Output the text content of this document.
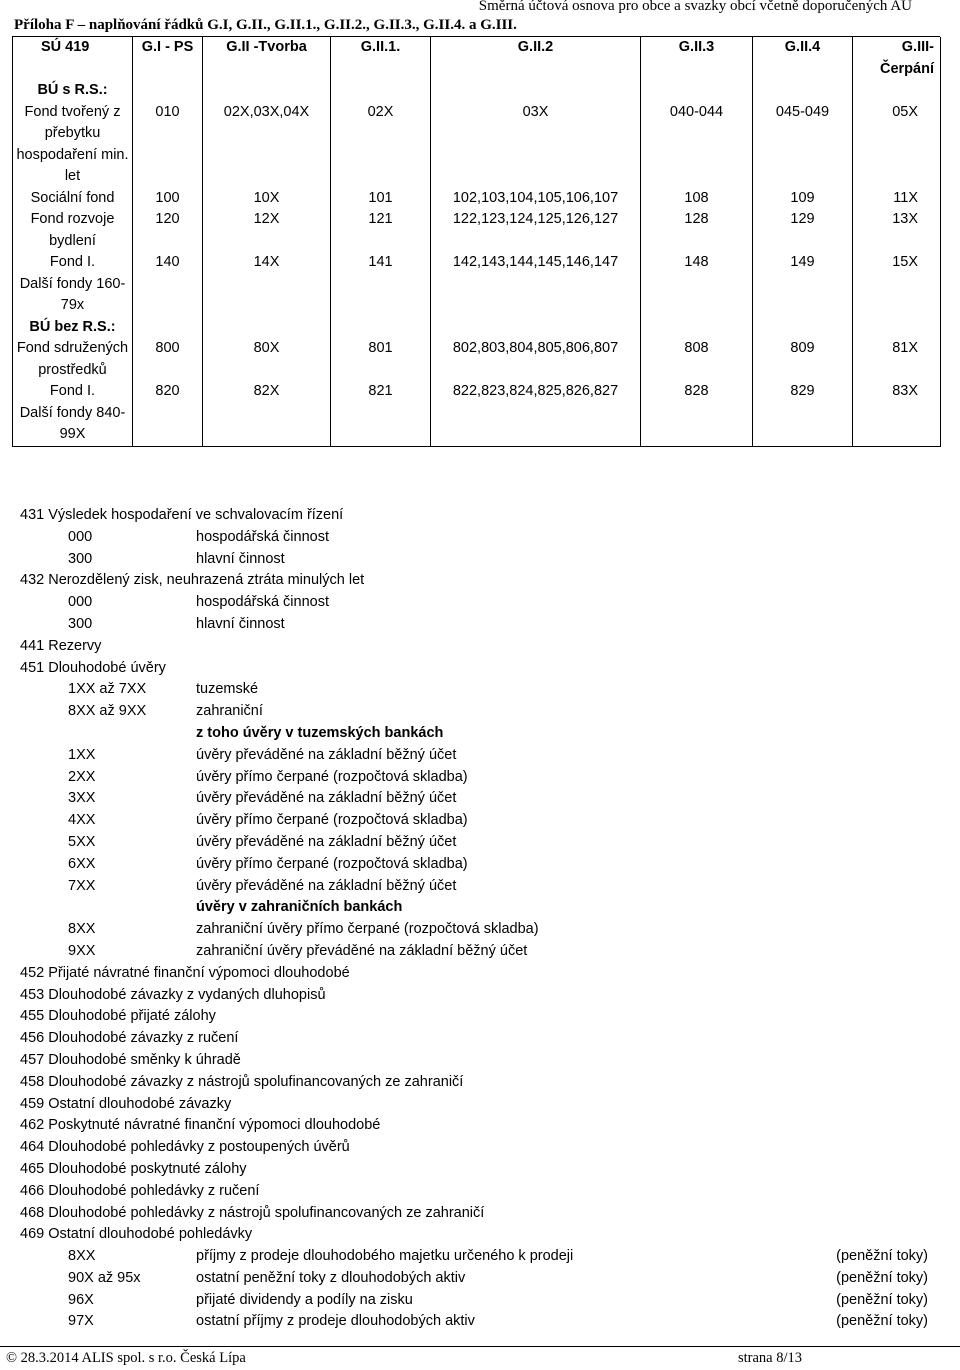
Směrná účtová osnova pro obce a svazky obcí včetně doporučených AU
Příloha F – naplňování řádků G.I, G.II., G.II.1., G.II.2., G.II.3., G.II.4. a G.III.
SÚ 419	G.I - PS	G.II -Tvorba	G.II.1.	G.II.2	G.II.3	G.II.4	G.III-Čerpání
BÚ s R.S.:							
Fond tvořený z přebytku hospodaření min. let	010	02X,03X,04X	02X	03X	040-044	045-049	05X
Sociální fond	100	10X	101	102,103,104,105,106,107	108	109	11X
Fond rozvoje bydlení	120	12X	121	122,123,124,125,126,127	128	129	13X
Fond I.	140	14X	141	142,143,144,145,146,147	148	149	15X
Další fondy 160-79x							
BÚ bez R.S.:							
Fond sdružených prostředků	800	80X	801	802,803,804,805,806,807	808	809	81X
Fond I.	820	82X	821	822,823,824,825,826,827	828	829	83X
Další fondy 840-99X							
431 Výsledek hospodaření ve schvalovacím řízení
000	hospodářská činnost
300	hlavní činnost
432 Nerozdělený zisk, neuhrazená ztráta minulých let
000	hospodářská činnost
300	hlavní činnost
441 Rezervy
451 Dlouhodobé úvěry
1XX až 7XX	tuzemské
8XX až 9XX	zahraniční
z toho úvěry v tuzemských bankách
1XX	úvěry převáděné na základní běžný účet
2XX	úvěry přímo čerpané (rozpočtová skladba)
3XX	úvěry převáděné na základní běžný účet
4XX	úvěry přímo čerpané (rozpočtová skladba)
5XX	úvěry převáděné na základní běžný účet
6XX	úvěry přímo čerpané (rozpočtová skladba)
7XX	úvěry převáděné na základní běžný účet
úvěry v zahraničních bankách
8XX	zahraniční úvěry přímo čerpané (rozpočtová skladba)
9XX	zahraniční úvěry převáděné na základní běžný účet
452 Přijaté návratné finanční výpomoci dlouhodobé
453 Dlouhodobé závazky z vydaných dluhopisů
455 Dlouhodobé přijaté zálohy
456 Dlouhodobé závazky z ručení
457 Dlouhodobé směnky k úhradě
458 Dlouhodobé závazky z nástrojů spolufinancovaných ze zahraničí
459 Ostatní dlouhodobé závazky
462 Poskytnuté návratné finanční výpomoci dlouhodobé
464 Dlouhodobé pohledávky z postoupených úvěrů
465 Dlouhodobé poskytnuté zálohy
466 Dlouhodobé pohledávky z ručení
468 Dlouhodobé pohledávky z nástrojů spolufinancovaných ze zahraničí
469 Ostatní dlouhodobé pohledávky
8XX	příjmy z prodeje dlouhodobého majetku určeného k prodeji	(peněžní toky)
90X až 95x	ostatní peněžní toky z dlouhodobých aktiv	(peněžní toky)
96X	přijaté dividendy a podíly na zisku	(peněžní toky)
97X	ostatní příjmy z prodeje dlouhodobých aktiv	(peněžní toky)
© 28.3.2014 ALIS spol. s r.o. Česká Lípa	strana 8/13
